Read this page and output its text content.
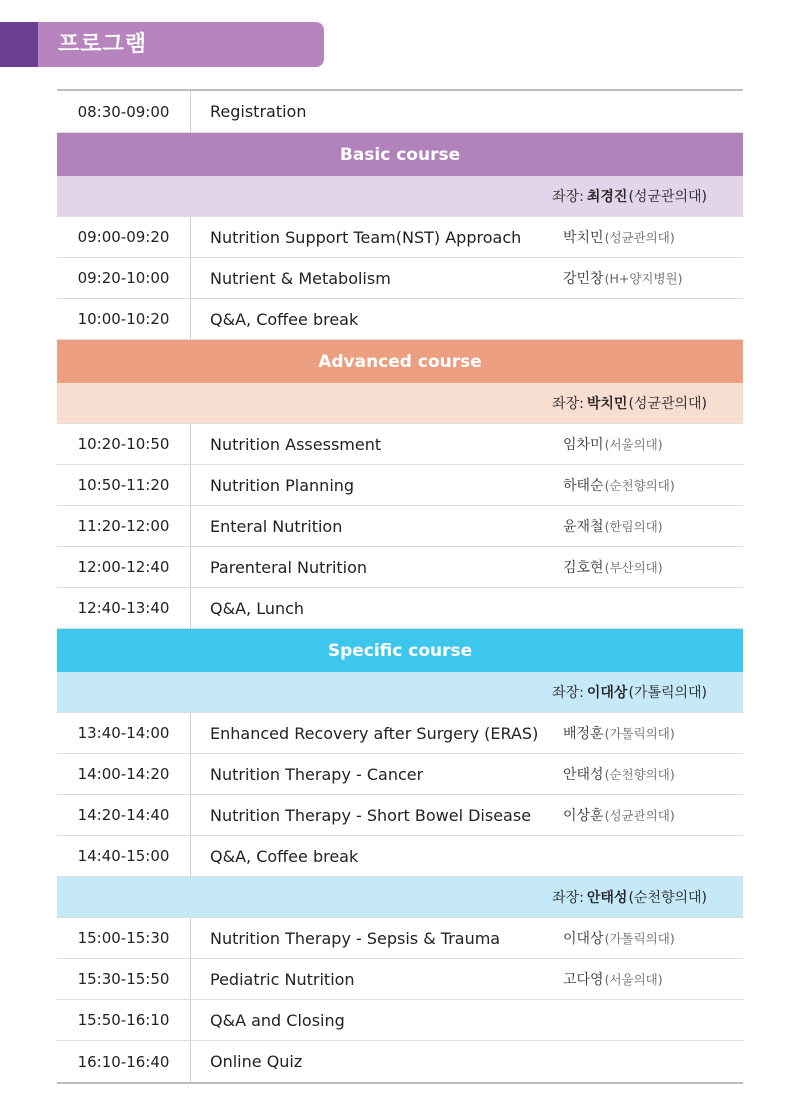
프로그램
08:30-09:00	Registration
Basic course
좌장: 최경진 (성균관의대)
09:00-09:20	Nutrition Support Team(NST) Approach	박치민 (성균관의대)
09:20-10:00	Nutrient & Metabolism	강민창 (H+양지병원)
10:00-10:20	Q&A, Coffee break
Advanced course
좌장: 박치민 (성균관의대)
10:20-10:50	Nutrition Assessment	임차미 (서울의대)
10:50-11:20	Nutrition Planning	하태순 (순천향의대)
11:20-12:00	Enteral Nutrition	윤재철 (한림의대)
12:00-12:40	Parenteral Nutrition	김호현 (부산의대)
12:40-13:40	Q&A, Lunch
Specific course
좌장: 이대상 (가톨릭의대)
13:40-14:00	Enhanced Recovery after Surgery (ERAS)	배정훈 (가톨릭의대)
14:00-14:20	Nutrition Therapy - Cancer	안태성 (순천향의대)
14:20-14:40	Nutrition Therapy - Short Bowel Disease	이상훈 (성균관의대)
14:40-15:00	Q&A, Coffee break
좌장: 안태성 (순천향의대)
15:00-15:30	Nutrition Therapy - Sepsis & Trauma	이대상 (가톨릭의대)
15:30-15:50	Pediatric Nutrition	고다영 (서울의대)
15:50-16:10	Q&A and Closing
16:10-16:40	Online Quiz
